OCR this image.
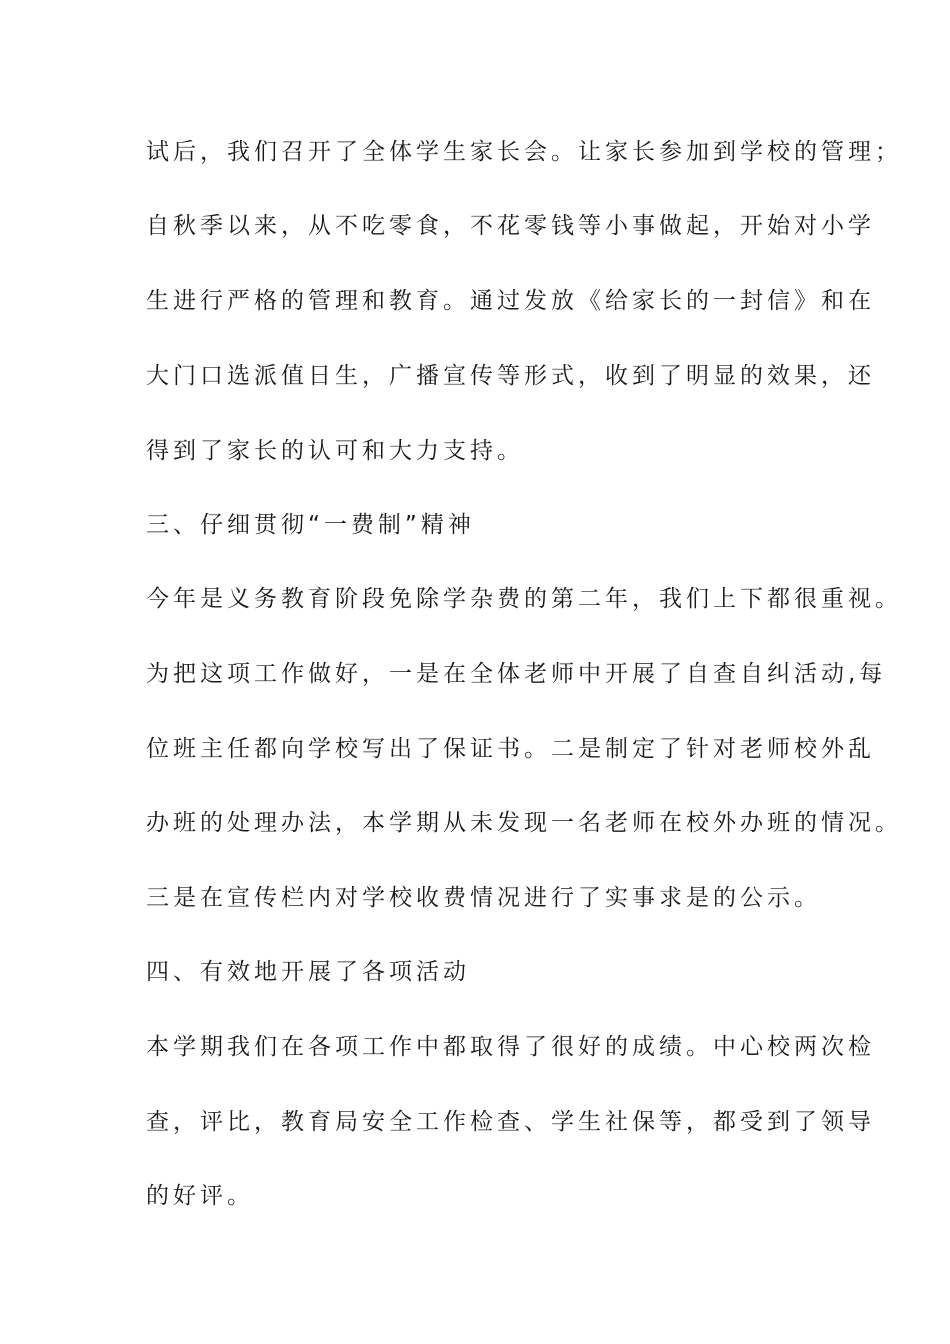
试后，我们召开了全体学生家长会。让家长参加到学校的管理；
自秋季以来，从不吃零食，不花零钱等小事做起，开始对小学
生进行严格的管理和教育。通过发放《给家长的一封信》和在
大门口选派值日生，广播宣传等形式，收到了明显的效果，还
得到了家长的认可和大力支持。
三、仔细贯彻“一费制”精神
今年是义务教育阶段免除学杂费的第二年，我们上下都很重视。
为把这项工作做好，一是在全体老师中开展了自查自纠活动,每
位班主任都向学校写出了保证书。二是制定了针对老师校外乱
办班的处理办法，本学期从未发现一名老师在校外办班的情况。
三是在宣传栏内对学校收费情况进行了实事求是的公示。
四、有效地开展了各项活动
本学期我们在各项工作中都取得了很好的成绩。中心校两次检
查，评比，教育局安全工作检查、学生社保等，都受到了领导
的好评。
